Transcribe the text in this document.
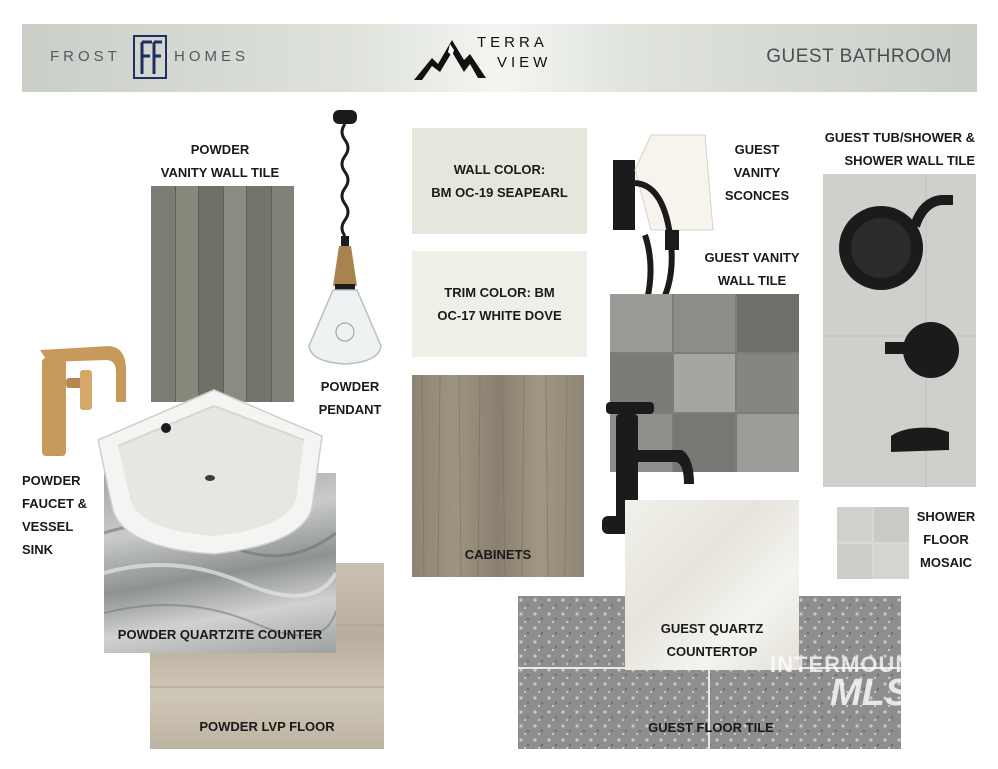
FROST	HOMES
TERRA
VIEW	GUEST BATHROOM
POWDER
VANITY WALL TILE
POWDER
PENDANT
WALL COLOR:
BM OC-19 SEAPEARL
TRIM COLOR: BM
OC-17 WHITE DOVE
CABINETS
GUEST
VANITY
SCONCES
GUEST VANITY
WALL TILE
GUEST TUB/SHOWER &
SHOWER WALL TILE
SHOWER
FLOOR
MOSAIC
GUEST FLOOR TILE
GUEST QUARTZ
COUNTERTOP
INTERMOUNTAIN
MLS
POWDER
FAUCET &
VESSEL
SINK
POWDER LVP FLOOR
POWDER QUARTZITE COUNTER
